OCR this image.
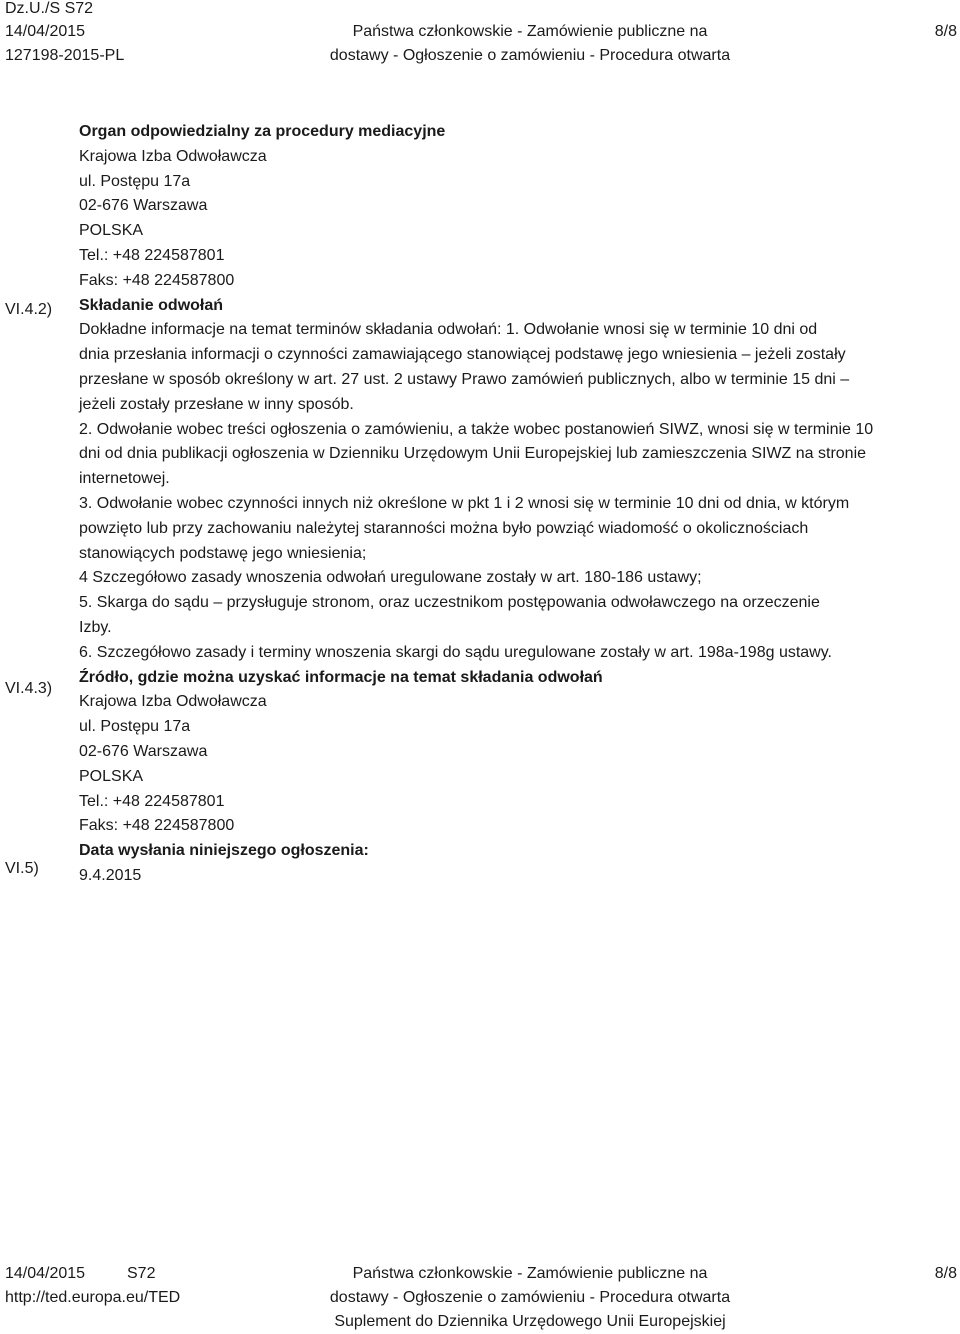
Dz.U./S S72
14/04/2015
127198-2015-PL
Państwa członkowskie - Zamówienie publiczne na
dostawy - Ogłoszenie o zamówieniu - Procedura otwarta
8/8
VI.4.2)
VI.4.3)
VI.5)
Organ odpowiedzialny za procedury mediacyjne
Krajowa Izba Odwoławcza
ul. Postępu 17a
02-676 Warszawa
POLSKA
Tel.: +48 224587801
Faks: +48 224587800
Składanie odwołań
Dokładne informacje na temat terminów składania odwołań: 1. Odwołanie wnosi się w terminie 10 dni od
dnia przesłania informacji o czynności zamawiającego stanowiącej podstawę jego wniesienia – jeżeli zostały
przesłane w sposób określony w art. 27 ust. 2 ustawy Prawo zamówień publicznych, albo w terminie 15 dni –
jeżeli zostały przesłane w inny sposób.
2. Odwołanie wobec treści ogłoszenia o zamówieniu, a także wobec postanowień SIWZ, wnosi się w terminie 10
dni od dnia publikacji ogłoszenia w Dzienniku Urzędowym Unii Europejskiej lub zamieszczenia SIWZ na stronie
internetowej.
3. Odwołanie wobec czynności innych niż określone w pkt 1 i 2 wnosi się w terminie 10 dni od dnia, w którym
powzięto lub przy zachowaniu należytej staranności można było powziąć wiadomość o okolicznościach
stanowiących podstawę jego wniesienia;
4 Szczegółowo zasady wnoszenia odwołań uregulowane zostały w art. 180-186 ustawy;
5. Skarga do sądu – przysługuje stronom, oraz uczestnikom postępowania odwoławczego na orzeczenie
Izby.
6. Szczegółowo zasady i terminy wnoszenia skargi do sądu uregulowane zostały w art. 198a-198g ustawy.
Źródło, gdzie można uzyskać informacje na temat składania odwołań
Krajowa Izba Odwoławcza
ul. Postępu 17a
02-676 Warszawa
POLSKA
Tel.: +48 224587801
Faks: +48 224587800
Data wysłania niniejszego ogłoszenia:
9.4.2015
14/04/2015	S72
http://ted.europa.eu/TED
Państwa członkowskie - Zamówienie publiczne na
dostawy - Ogłoszenie o zamówieniu - Procedura otwarta
Suplement do Dziennika Urzędowego Unii Europejskiej
8/8
